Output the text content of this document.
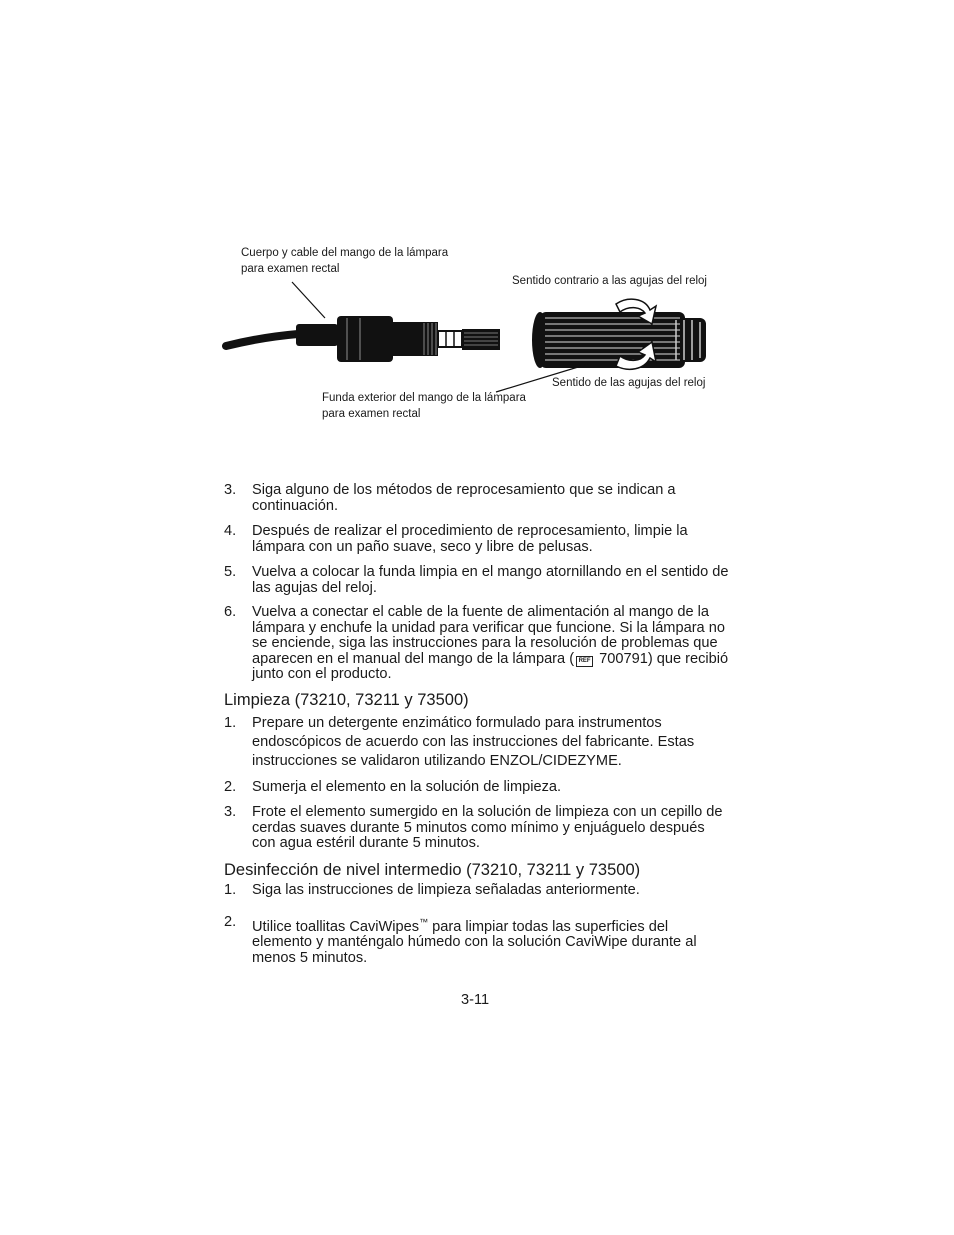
Cuerpo y cable del mango de la lámpara
para examen rectal
Sentido contrario a las agujas del reloj
Sentido de las agujas del reloj
Funda exterior del mango de la lámpara
para examen rectal
3. Siga alguno de los métodos de reprocesamiento que se indican a continuación.
4. Después de realizar el procedimiento de reprocesamiento, limpie la lámpara con un paño suave, seco y libre de pelusas.
5. Vuelva a colocar la funda limpia en el mango atornillando en el sentido de las agujas del reloj.
6. Vuelva a conectar el cable de la fuente de alimentación al mango de la lámpara y enchufe la unidad para verificar que funcione. Si la lámpara no se enciende, siga las instrucciones para la resolución de problemas que aparecen en el manual del mango de la lámpara ( REF 700791) que recibió junto con el producto.
Limpieza (73210, 73211 y 73500)
1. Prepare un detergente enzimático formulado para instrumentos endoscópicos de acuerdo con las instrucciones del fabricante. Estas instrucciones se validaron utilizando ENZOL/CIDEZYME.
2. Sumerja el elemento en la solución de limpieza.
3. Frote el elemento sumergido en la solución de limpieza con un cepillo de cerdas suaves durante 5 minutos como mínimo y enjuáguelo después con agua estéril durante 5 minutos.
Desinfección de nivel intermedio (73210, 73211 y 73500)
1. Siga las instrucciones de limpieza señaladas anteriormente.
2. Utilice toallitas CaviWipes™ para limpiar todas las superficies del elemento y manténgalo húmedo con la solución CaviWipe durante al menos 5 minutos.
3-11
